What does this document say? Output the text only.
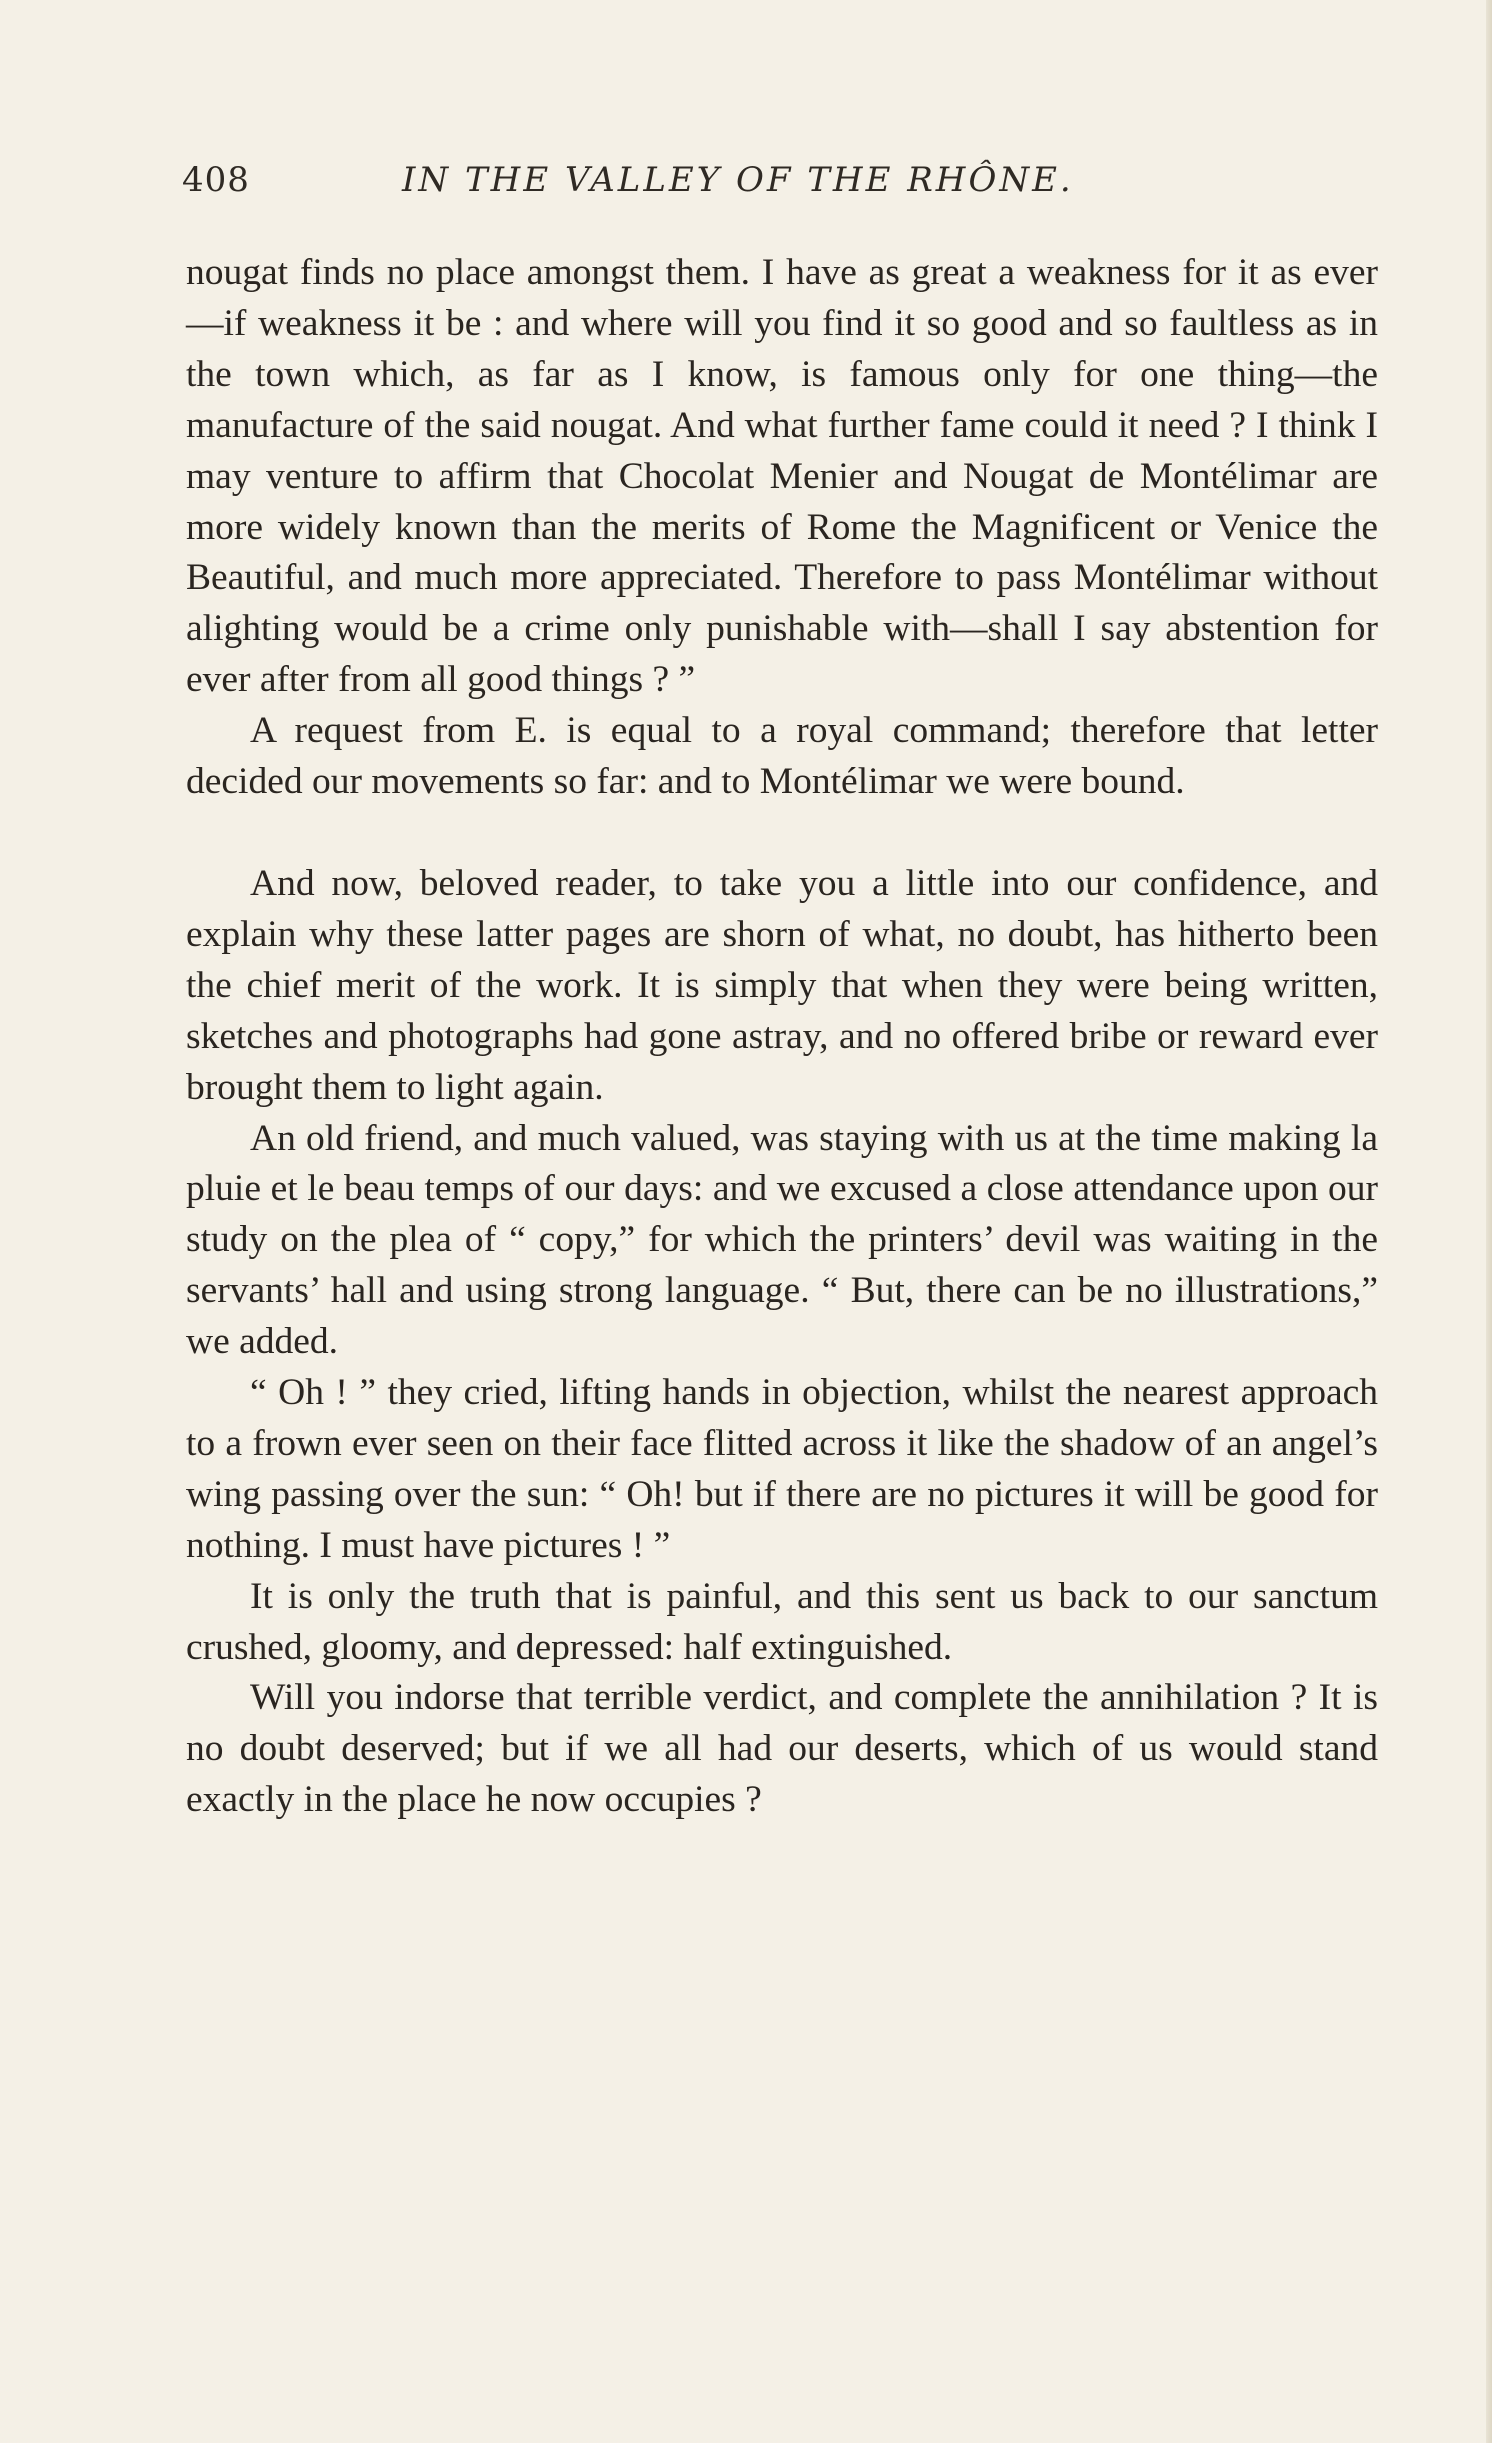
408	IN THE VALLEY OF THE RHÔNE.

nougat finds no place amongst them. I have as great a weakness for it as ever—if weakness it be : and where will you find it so good and so faultless as in the town which, as far as I know, is famous only for one thing—the manufacture of the said nougat. And what further fame could it need ? I think I may venture to affirm that Chocolat Menier and Nougat de Montélimar are more widely known than the merits of Rome the Magnificent or Venice the Beautiful, and much more appreciated. Therefore to pass Montélimar without alighting would be a crime only punishable with—shall I say abstention for ever after from all good things ? ”

A request from E. is equal to a royal command; therefore that letter decided our movements so far: and to Montélimar we were bound.

And now, beloved reader, to take you a little into our confidence, and explain why these latter pages are shorn of what, no doubt, has hitherto been the chief merit of the work. It is simply that when they were being written, sketches and photographs had gone astray, and no offered bribe or reward ever brought them to light again.

An old friend, and much valued, was staying with us at the time making la pluie et le beau temps of our days: and we excused a close attendance upon our study on the plea of “ copy,” for which the printers’ devil was waiting in the servants’ hall and using strong language. “ But, there can be no illustrations,” we added.

“ Oh ! ” they cried, lifting hands in objection, whilst the nearest approach to a frown ever seen on their face flitted across it like the shadow of an angel’s wing passing over the sun: “ Oh! but if there are no pictures it will be good for nothing. I must have pictures ! ”

It is only the truth that is painful, and this sent us back to our sanctum crushed, gloomy, and depressed: half extinguished.

Will you indorse that terrible verdict, and complete the annihilation ? It is no doubt deserved; but if we all had our deserts, which of us would stand exactly in the place he now occupies ?
